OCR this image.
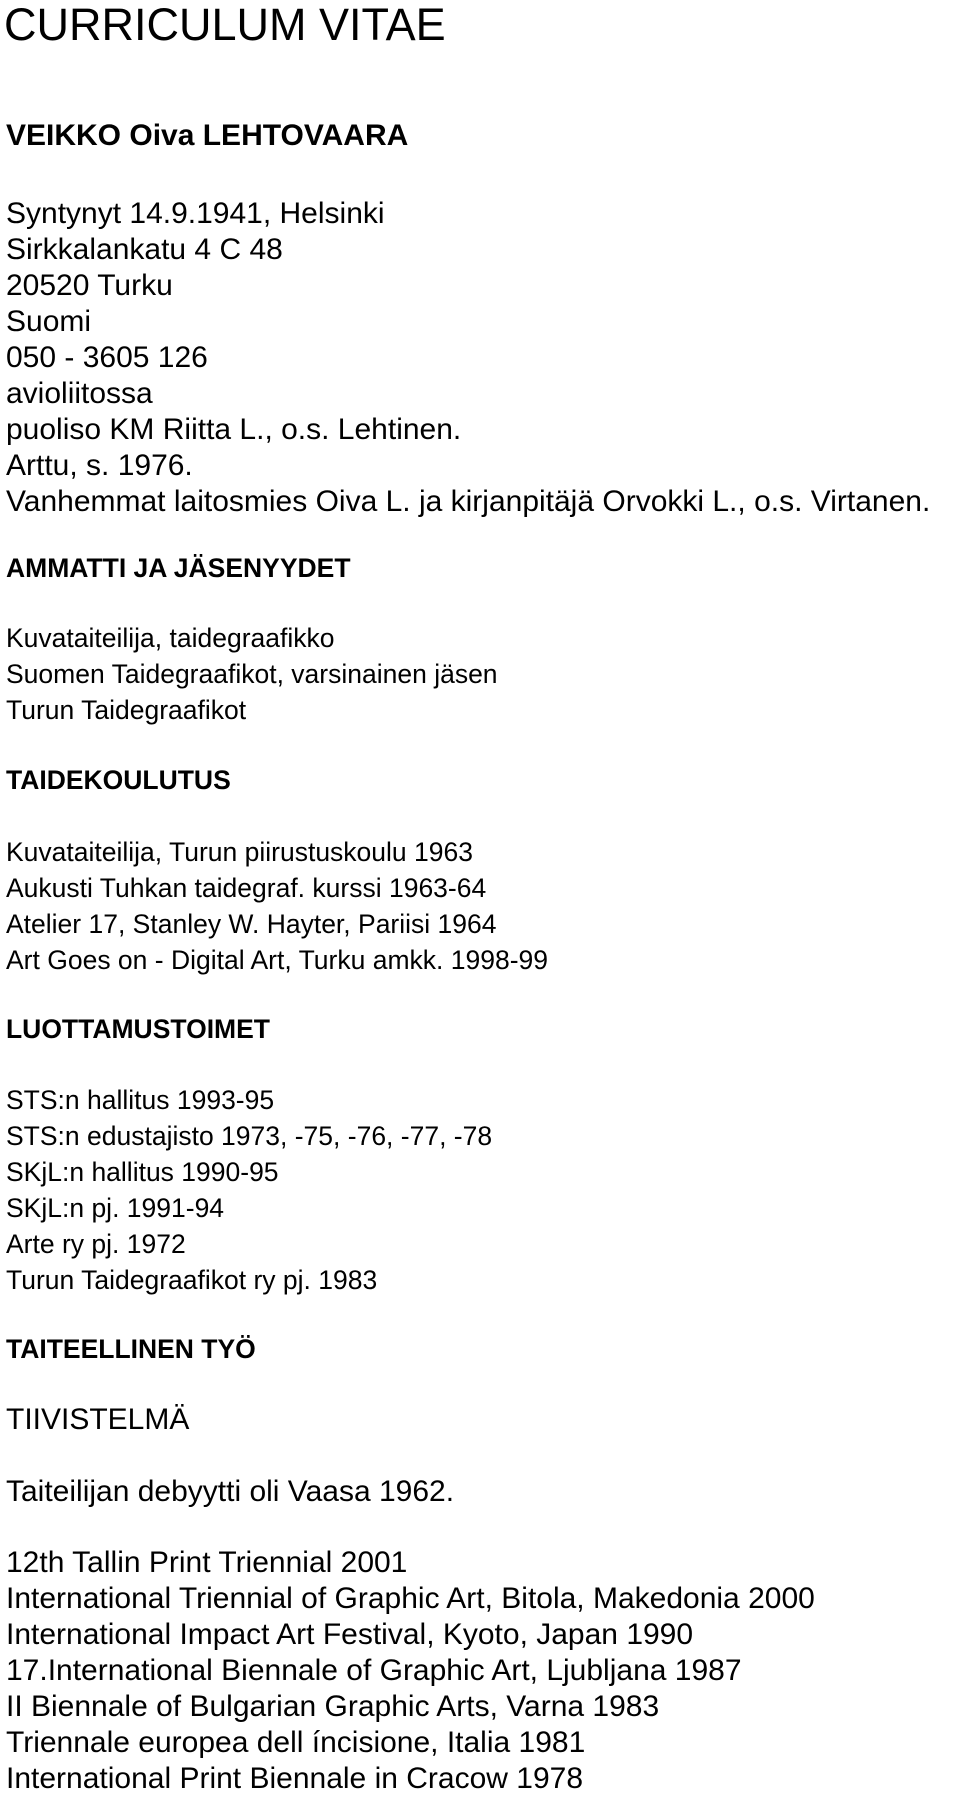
CURRICULUM VITAE
VEIKKO Oiva LEHTOVAARA
Syntynyt 14.9.1941, Helsinki
Sirkkalankatu 4 C 48
20520 Turku
Suomi
050 - 3605 126
avioliitossa
puoliso KM Riitta L., o.s. Lehtinen.
Arttu, s. 1976.
Vanhemmat laitosmies Oiva L. ja kirjanpitäjä Orvokki L., o.s. Virtanen.
AMMATTI JA JÄSENYYDET
Kuvataiteilija, taidegraafikko
Suomen Taidegraafikot, varsinainen jäsen
Turun Taidegraafikot
TAIDEKOULUTUS
Kuvataiteilija, Turun piirustuskoulu 1963
Aukusti Tuhkan taidegraf. kurssi 1963-64
Atelier 17, Stanley W. Hayter, Pariisi 1964
Art Goes on - Digital Art, Turku amkk. 1998-99
LUOTTAMUSTOIMET
STS:n hallitus 1993-95
STS:n edustajisto 1973, -75, -76, -77, -78
SKjL:n hallitus 1990-95
SKjL:n pj. 1991-94
Arte ry pj. 1972
Turun Taidegraafikot ry pj. 1983
TAITEELLINEN TYÖ
TIIVISTELMÄ
Taiteilijan debyytti oli Vaasa 1962.
12th Tallin Print Triennial 2001
International Triennial of Graphic Art, Bitola, Makedonia 2000
International Impact Art Festival, Kyoto, Japan 1990
17.International Biennale of Graphic Art, Ljubljana 1987
II Biennale of Bulgarian Graphic Arts, Varna 1983
Triennale europea dell íncisione, Italia 1981
International Print Biennale in Cracow 1978
